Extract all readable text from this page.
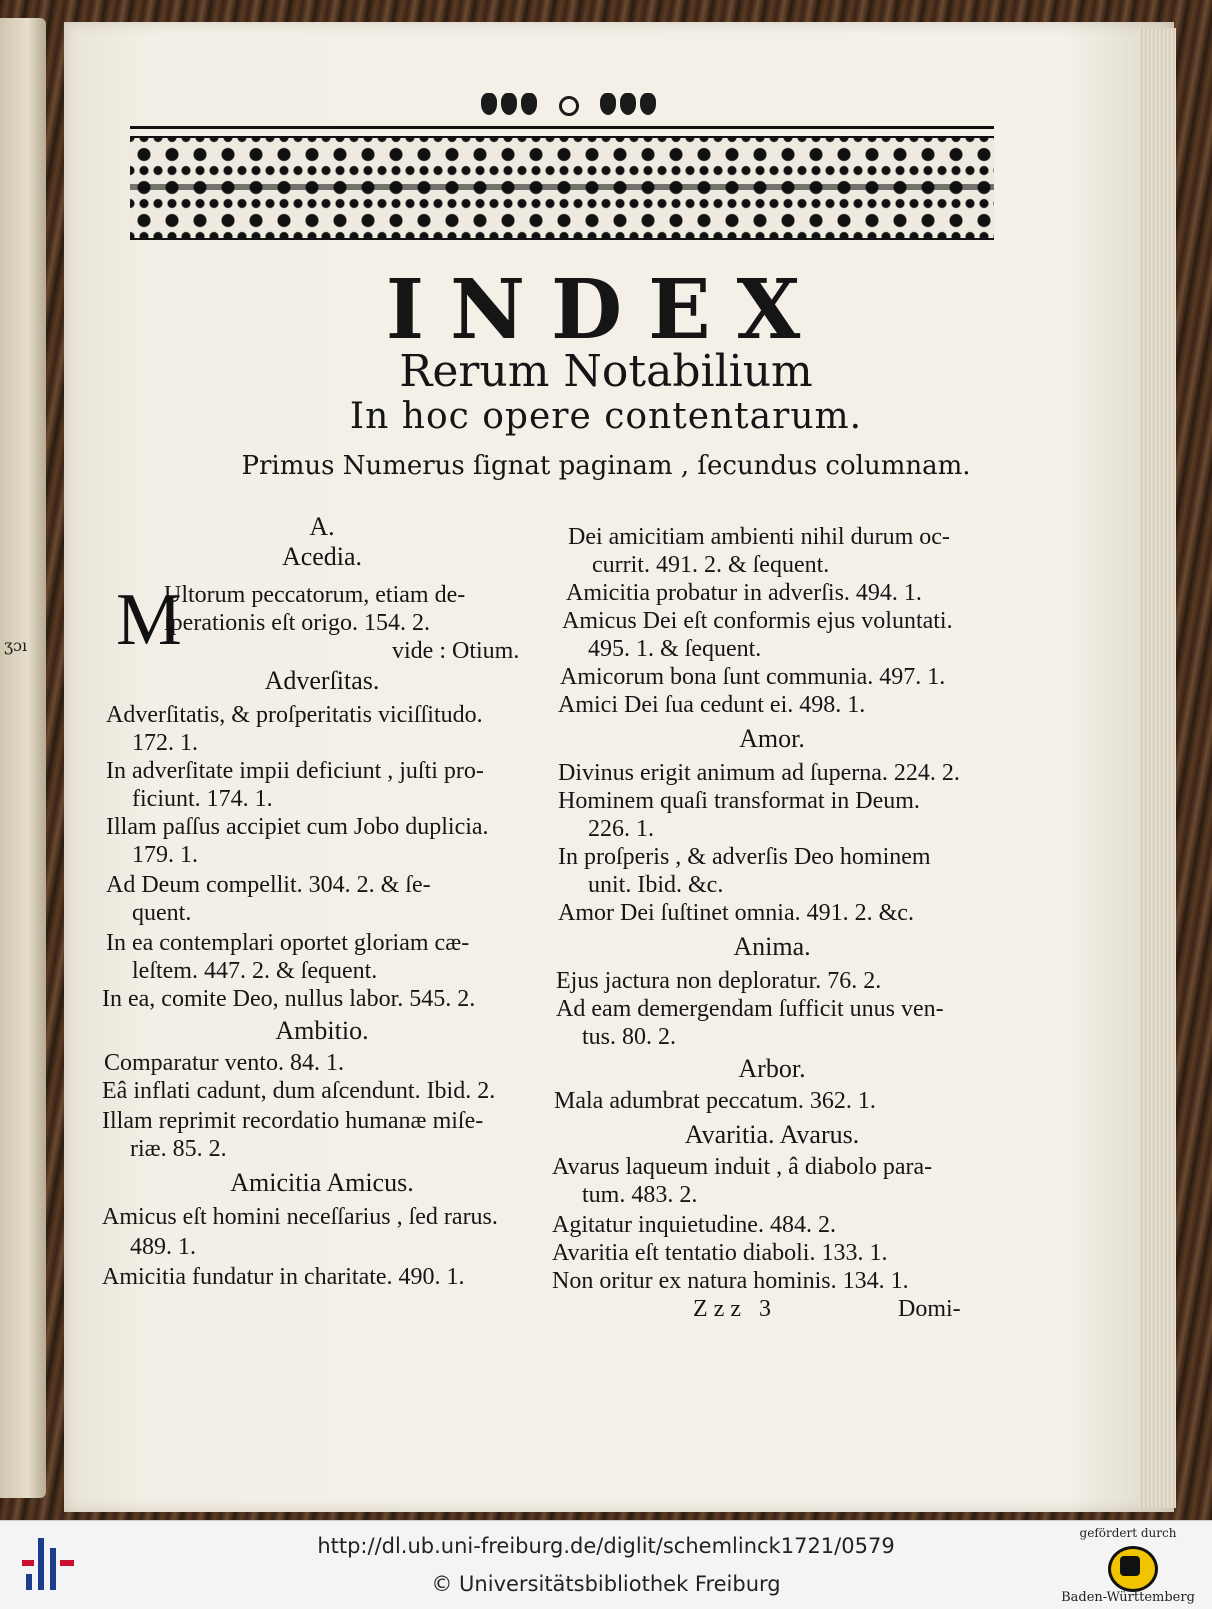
ʒɔı
INDEX
Rerum Notabilium
In hoc opere contentarum.
Primus Numerus ſignat paginam , ſecundus columnam.
A.
Acedia.
Ultorum peccatorum, etiam de-
ſperationis eſt origo. 154. 2.
vide : Otium.
Adverſitas.
Adverſitatis, & proſperitatis viciſſitudo.
172. 1.
In adverſitate impii deficiunt , juſti pro-
ficiunt. 174. 1.
Illam paſſus accipiet cum Jobo duplicia.
179. 1.
Ad Deum compellit. 304. 2. & ſe-
quent.
In ea contemplari oportet gloriam cæ-
leſtem. 447. 2. & ſequent.
In ea, comite Deo, nullus labor. 545. 2.
Ambitio.
Comparatur vento. 84. 1.
Eâ inflati cadunt, dum aſcendunt. Ibid. 2.
Illam reprimit recordatio humanæ miſe-
riæ. 85. 2.
Amicitia Amicus.
Amicus eſt homini neceſſarius , ſed rarus.
489. 1.
Amicitia fundatur in charitate. 490. 1.
M
Dei amicitiam ambienti nihil durum oc-
currit. 491. 2. & ſequent.
Amicitia probatur in adverſis. 494. 1.
Amicus Dei eſt conformis ejus voluntati.
495. 1. & ſequent.
Amicorum bona ſunt communia. 497. 1.
Amici Dei ſua cedunt ei. 498. 1.
Amor.
Divinus erigit animum ad ſuperna. 224. 2.
Hominem quaſi transformat in Deum.
226. 1.
In proſperis , & adverſis Deo hominem
unit. Ibid. &c.
Amor Dei ſuſtinet omnia. 491. 2. &c.
Anima.
Ejus jactura non deploratur. 76. 2.
Ad eam demergendam ſufficit unus ven-
tus. 80. 2.
Arbor.
Mala adumbrat peccatum. 362. 1.
Avaritia. Avarus.
Avarus laqueum induit , â diabolo para-
tum. 483. 2.
Agitatur inquietudine. 484. 2.
Avaritia eſt tentatio diaboli. 133. 1.
Non oritur ex natura hominis. 134. 1.
Zzz 3	Domi-
http://dl.ub.uni-freiburg.de/diglit/schemlinck1721/0579
© Universitätsbibliothek Freiburg
gefördert durch
Baden-Württemberg
